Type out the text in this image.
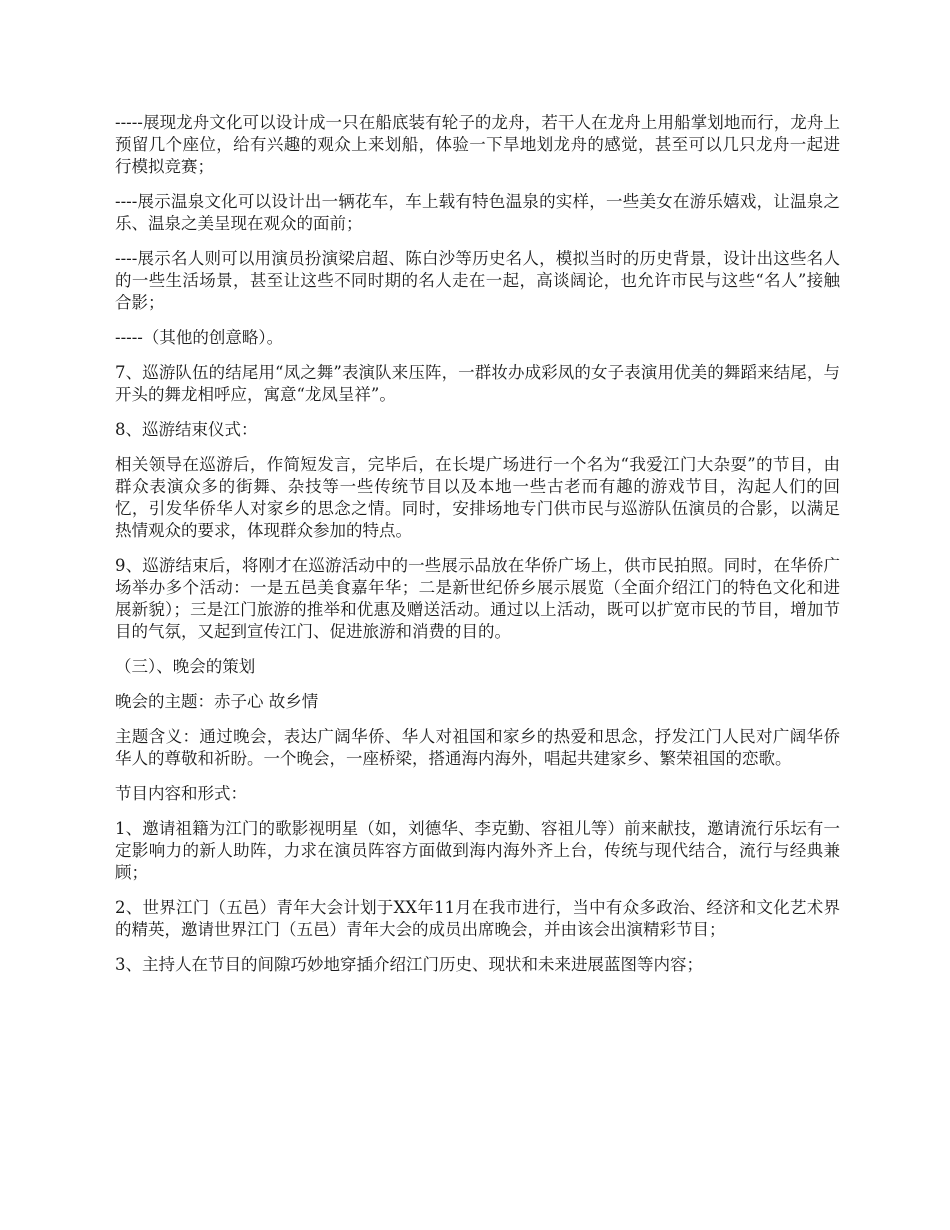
-----展现龙舟文化可以设计成一只在船底装有轮子的龙舟，若干人在龙舟上用船掌划地而行，龙舟上预留几个座位，给有兴趣的观众上来划船，体验一下旱地划龙舟的感觉，甚至可以几只龙舟一起进行模拟竞赛；

----展示温泉文化可以设计出一辆花车，车上载有特色温泉的实样，一些美女在游乐嬉戏，让温泉之乐、温泉之美呈现在观众的面前；

----展示名人则可以用演员扮演梁启超、陈白沙等历史名人，模拟当时的历史背景，设计出这些名人的一些生活场景，甚至让这些不同时期的名人走在一起，高谈阔论，也允许市民与这些“名人”接触合影；

-----（其他的创意略）。

7、巡游队伍的结尾用“凤之舞”表演队来压阵，一群妆办成彩凤的女子表演用优美的舞蹈来结尾，与开头的舞龙相呼应，寓意“龙凤呈祥”。

8、巡游结束仪式：

相关领导在巡游后，作简短发言，完毕后，在长堤广场进行一个名为“我爱江门大杂耍”的节目，由群众表演众多的街舞、杂技等一些传统节目以及本地一些古老而有趣的游戏节目，沟起人们的回忆，引发华侨华人对家乡的思念之情。同时，安排场地专门供市民与巡游队伍演员的合影，以满足热情观众的要求，体现群众参加的特点。

9、巡游结束后，将刚才在巡游活动中的一些展示品放在华侨广场上，供市民拍照。同时，在华侨广场举办多个活动：一是五邑美食嘉年华；二是新世纪侨乡展示展览（全面介绍江门的特色文化和进展新貌）；三是江门旅游的推举和优惠及赠送活动。通过以上活动，既可以扩宽市民的节目，增加节目的气氛，又起到宣传江门、促进旅游和消费的目的。

（三）、晚会的策划

晚会的主题：赤子心 故乡情

主题含义：通过晚会，表达广阔华侨、华人对祖国和家乡的热爱和思念，抒发江门人民对广阔华侨华人的尊敬和祈盼。一个晚会，一座桥梁，搭通海内海外，唱起共建家乡、繁荣祖国的恋歌。

节目内容和形式：

1、邀请祖籍为江门的歌影视明星（如，刘德华、李克勤、容祖儿等）前来献技，邀请流行乐坛有一定影响力的新人助阵，力求在演员阵容方面做到海内海外齐上台，传统与现代结合，流行与经典兼顾；

2、世界江门（五邑）青年大会计划于XX年11月在我市进行，当中有众多政治、经济和文化艺术界的精英，邀请世界江门（五邑）青年大会的成员出席晚会，并由该会出演精彩节目；

3、主持人在节目的间隙巧妙地穿插介绍江门历史、现状和未来进展蓝图等内容；
